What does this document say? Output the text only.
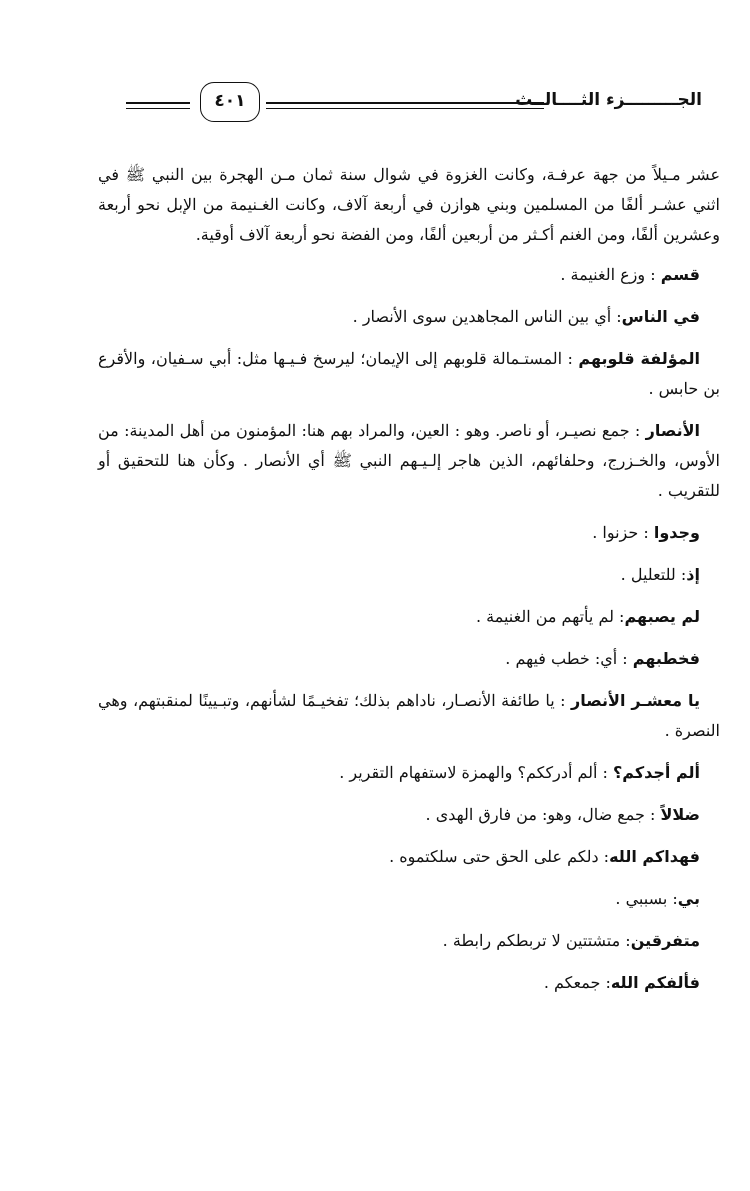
الجـــــــــزء الثــــالــث
٤٠١

عشر مـيلاً من جهة عرفـة، وكانت الغزوة في شوال سنة ثمان مـن الهجرة بين النبي ﷺ في اثني عشـر ألفًا من المسلمين وبني هوازن في أربعة آلاف، وكانت الغـنيمة من الإبل نحو أربعة وعشرين ألفًا، ومن الغنم أكـثر من أربعين ألفًا، ومن الفضة نحو أربعة آلاف أوقية.

قسم : وزع الغنيمة .

في الناس: أي بين الناس المجاهدين سوى الأنصار .

المؤلفة قلوبهم : المستـمالة قلوبهم إلى الإيمان؛ ليرسخ فـيـها مثل: أبي سـفيان، والأقرع بن حابس .

الأنصار : جمع نصيـر، أو ناصر. وهو : العين، والمراد بهم هنا: المؤمنون من أهل المدينة: من الأوس، والخـزرج، وحلفائهم، الذين هاجر إلـيـهم النبي ﷺ أي الأنصار . وكأن هنا للتحقيق أو للتقريب .

وجدوا : حزنوا .

إذ: للتعليل .

لم يصبهم: لم يأتهم من الغنيمة .

فخطبهم : أي: خطب فيهم .

يا معشـر الأنصار : يا طائفة الأنصـار، ناداهم بذلك؛ تفخيـمًا لشأنهم، وتبـيينًا لمنقبتهم، وهي النصرة .

ألم أجدكم؟ : ألم أدرككم؟ والهمزة لاستفهام التقرير .

ضلالاً : جمع ضال، وهو: من فارق الهدى .

فهداكم الله: دلكم على الحق حتى سلكتموه .

بي: بسببي .

متفرقين: متشتتين لا تربطكم رابطة .

فألفكم الله: جمعكم .
